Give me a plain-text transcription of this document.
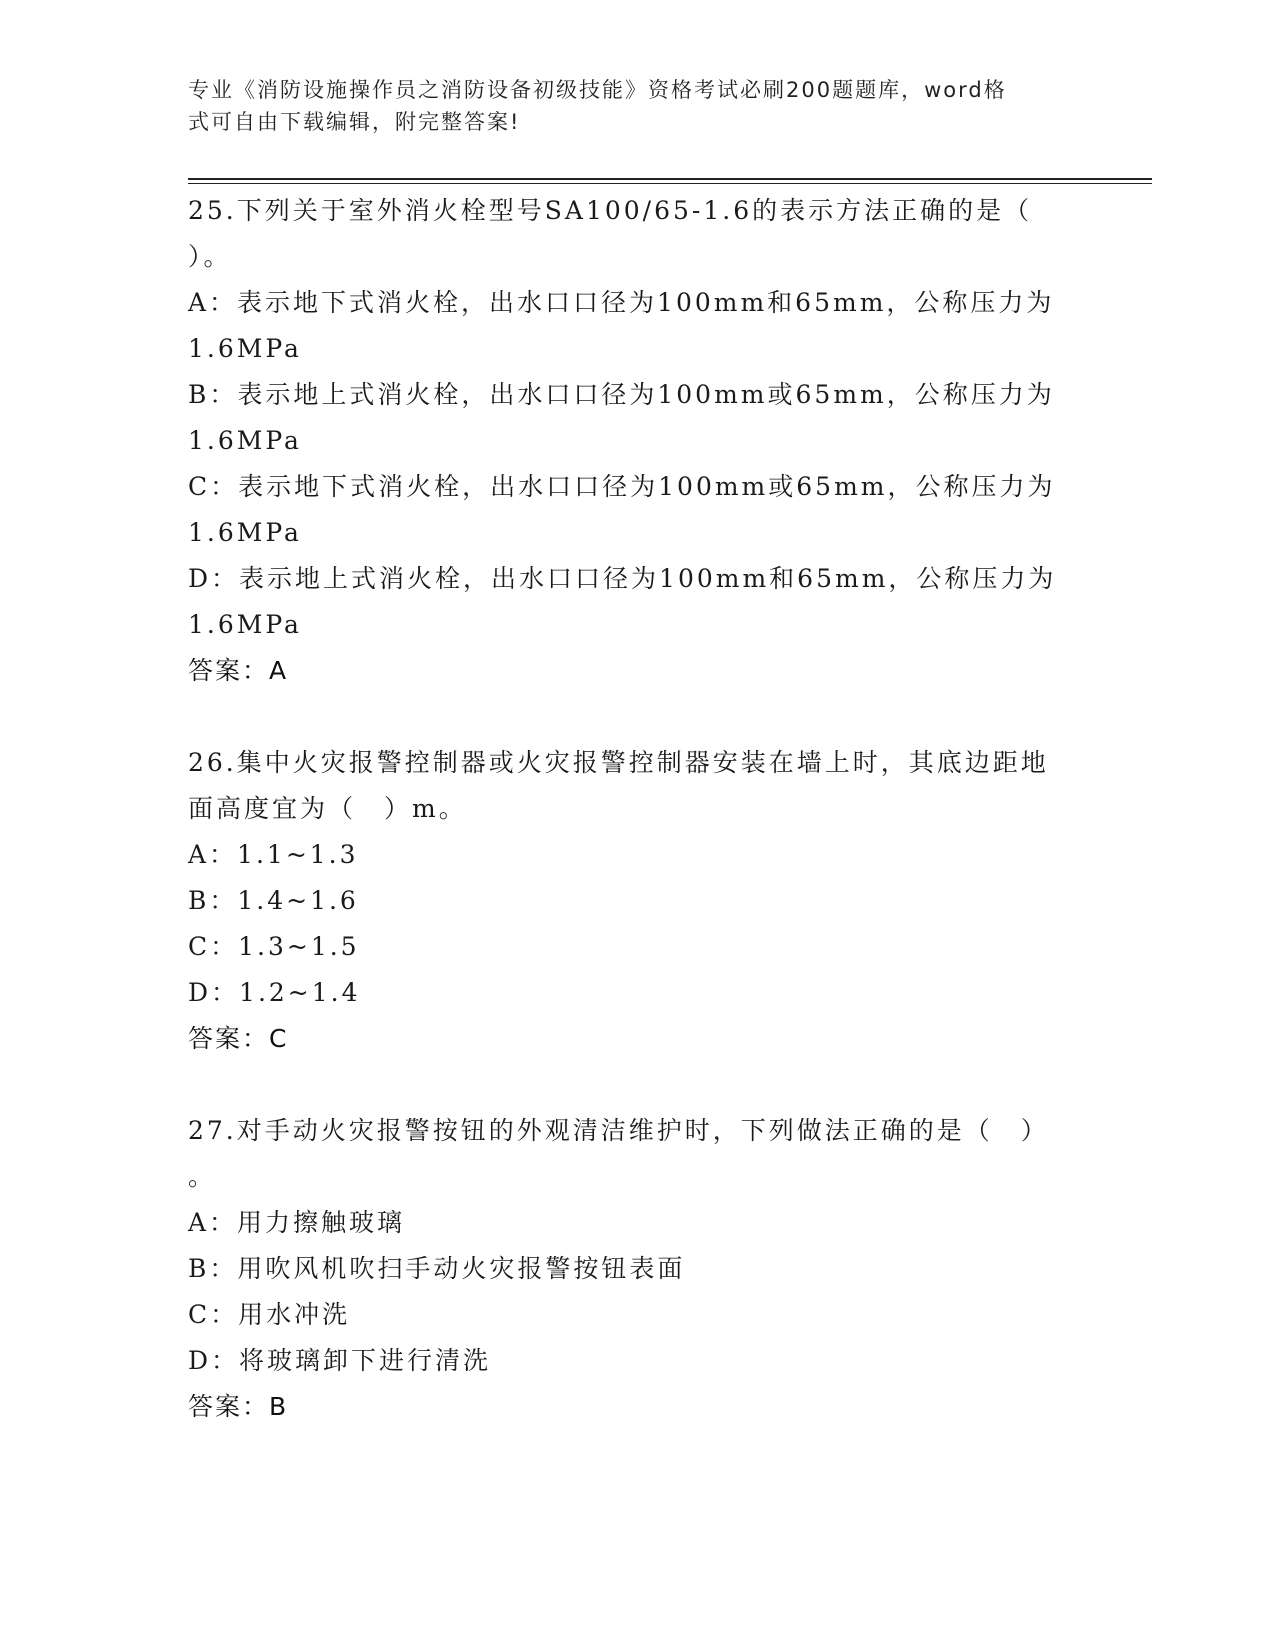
专业《消防设施操作员之消防设备初级技能》资格考试必刷200题题库，word格
式可自由下载编辑，附完整答案!
25.下列关于室外消火栓型号SA100/65-1.6的表示方法正确的是（
）。
A：表示地下式消火栓，出水口口径为100mm和65mm，公称压力为
1.6MPa
B：表示地上式消火栓，出水口口径为100mm或65mm，公称压力为
1.6MPa
C：表示地下式消火栓，出水口口径为100mm或65mm，公称压力为
1.6MPa
D：表示地上式消火栓，出水口口径为100mm和65mm，公称压力为
1.6MPa
答案：A
26.集中火灾报警控制器或火灾报警控制器安装在墙上时，其底边距地
面高度宜为（　）m。
A：1.1~1.3
B：1.4~1.6
C：1.3~1.5
D：1.2~1.4
答案：C
27.对手动火灾报警按钮的外观清洁维护时，下列做法正确的是（　）
。
A：用力擦触玻璃
B：用吹风机吹扫手动火灾报警按钮表面
C：用水冲洗
D：将玻璃卸下进行清洗
答案：B
